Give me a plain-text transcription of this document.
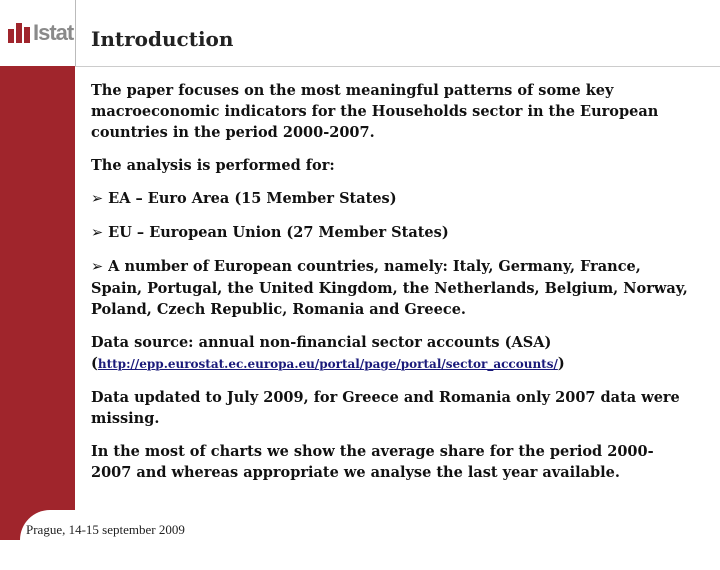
Istat Introduction

The paper focuses on the most meaningful patterns of some key macroeconomic indicators for the Households sector in the European countries in the period 2000-2007.

The analysis is performed for:

➢ EA – Euro Area (15 Member States)
➢ EU – European Union (27 Member States)
➢ A number of European countries, namely: Italy, Germany, France, Spain, Portugal, the United Kingdom, the Netherlands, Belgium, Norway, Poland, Czech Republic, Romania and Greece.

Data source: annual non-financial sector accounts (ASA)
(http://epp.eurostat.ec.europa.eu/portal/page/portal/sector_accounts/)

Data updated to July 2009, for Greece and Romania only 2007 data were missing.

In the most of charts we show the average share for the period 2000-2007 and whereas appropriate we analyse the last year available.

Prague, 14-15 september 2009
